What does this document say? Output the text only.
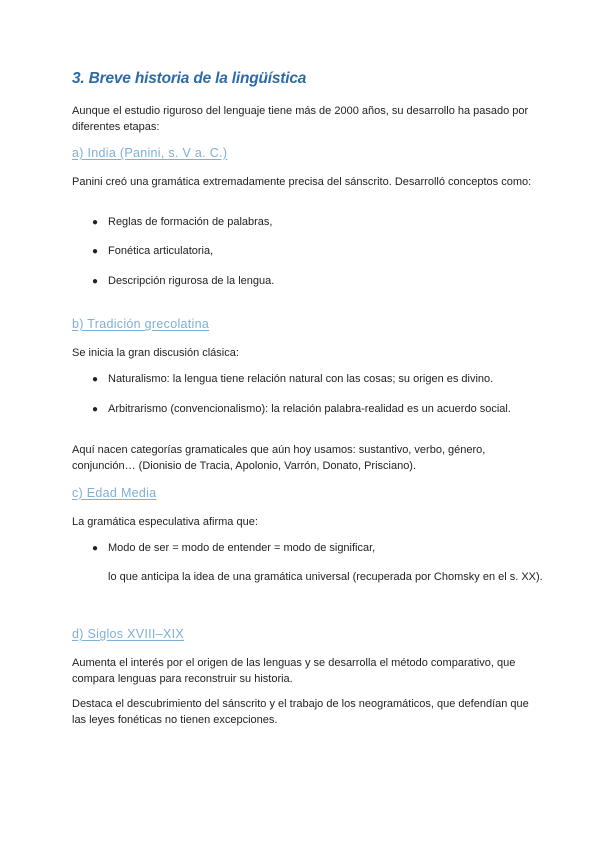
3. Breve historia de la lingüística

Aunque el estudio riguroso del lenguaje tiene más de 2000 años, su desarrollo ha pasado por diferentes etapas:

a) India (Panini, s. V a. C.)

Panini creó una gramática extremadamente precisa del sánscrito. Desarrolló conceptos como:

● Reglas de formación de palabras,
● Fonética articulatoria,
● Descripción rigurosa de la lengua.
b) Tradición grecolatina

Se inicia la gran discusión clásica:

● Naturalismo: la lengua tiene relación natural con las cosas; su origen es divino.
● Arbitrarismo (convencionalismo): la relación palabra-realidad es un acuerdo social.

Aquí nacen categorías gramaticales que aún hoy usamos: sustantivo, verbo, género, conjunción… (Dionisio de Tracia, Apolonio, Varrón, Donato, Prisciano).

c) Edad Media

La gramática especulativa afirma que:

● Modo de ser = modo de entender = modo de significar,

lo que anticipa la idea de una gramática universal (recuperada por Chomsky en el s. XX).

d) Siglos XVIII–XIX

Aumenta el interés por el origen de las lenguas y se desarrolla el método comparativo, que compara lenguas para reconstruir su historia.

Destaca el descubrimiento del sánscrito y el trabajo de los neogramáticos, que defendían que las leyes fonéticas no tienen excepciones.
